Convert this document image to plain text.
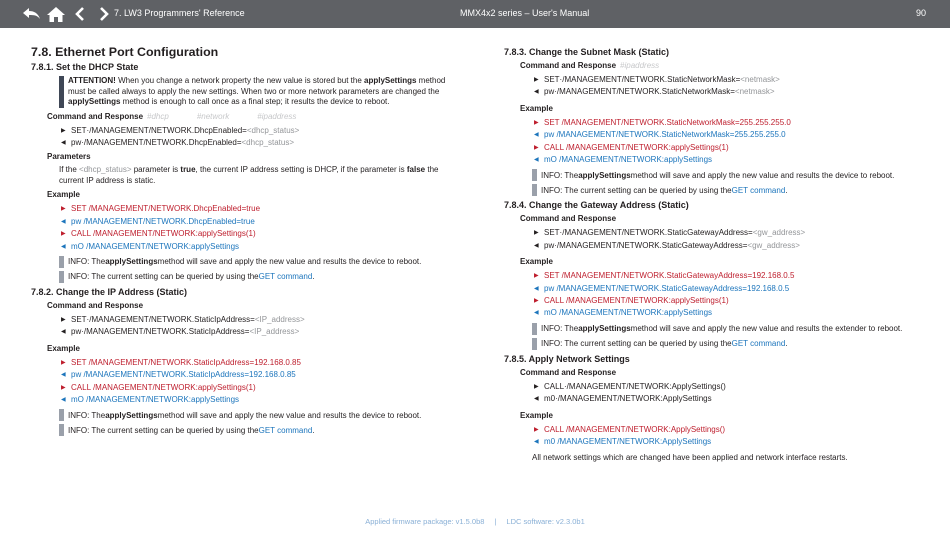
7. LW3 Programmers' Reference	MMX4x2 series – User's Manual	90
7.8. Ethernet Port Configuration
7.8.1. Set the DHCP State
ATTENTION! When you change a network property the new value is stored but the applySettings method must be called always to apply the new settings. When two or more network parameters are changed the applySettings method is enough to call once as a final step; it results the device to reboot.
Command and Response #dhcp	#network	#ipaddress
▶ SET·/MANAGEMENT/NETWORK.DhcpEnabled= <dhcp_status>
◀ pw·/MANAGEMENT/NETWORK.DhcpEnabled= <dhcp_status>
Parameters
If the <dhcp_status> parameter is true, the current IP address setting is DHCP, if the parameter is false the current IP address is static.
Example
▶ SET /MANAGEMENT/NETWORK.DhcpEnabled=true
◀ pw /MANAGEMENT/NETWORK.DhcpEnabled=true
▶ CALL /MANAGEMENT/NETWORK:applySettings(1)
◀ mO /MANAGEMENT/NETWORK:applySettings
INFO: The applySettings method will save and apply the new value and results the device to reboot.
INFO: The current setting can be queried by using the GET command .
7.8.2. Change the IP Address (Static)
Command and Response
▶ SET·/MANAGEMENT/NETWORK.StaticIpAddress= <IP_address>
◀ pw·/MANAGEMENT/NETWORK.StaticIpAddress= <IP_address>
Example
▶ SET /MANAGEMENT/NETWORK.StaticIpAddress=192.168.0.85
◀ pw /MANAGEMENT/NETWORK.StaticIpAddress=192.168.0.85
▶ CALL /MANAGEMENT/NETWORK:applySettings(1)
◀ mO /MANAGEMENT/NETWORK:applySettings
INFO: The applySettings method will save and apply the new value and results the device to reboot.
INFO: The current setting can be queried by using the GET command .
7.8.3. Change the Subnet Mask (Static)
Command and Response #ipaddress
▶ SET·/MANAGEMENT/NETWORK.StaticNetworkMask= <netmask>
◀ pw·/MANAGEMENT/NETWORK.StaticNetworkMask= <netmask>
Example
▶ SET /MANAGEMENT/NETWORK.StaticNetworkMask=255.255.255.0
◀ pw /MANAGEMENT/NETWORK.StaticNetworkMask=255.255.255.0
▶ CALL /MANAGEMENT/NETWORK:applySettings(1)
◀ mO /MANAGEMENT/NETWORK:applySettings
INFO: The applySettings method will save and apply the new value and results the device to reboot.
INFO: The current setting can be queried by using the GET command .
7.8.4. Change the Gateway Address (Static)
Command and Response
▶ SET·/MANAGEMENT/NETWORK.StaticGatewayAddress= <gw_address>
◀ pw·/MANAGEMENT/NETWORK.StaticGatewayAddress= <gw_address>
Example
▶ SET /MANAGEMENT/NETWORK.StaticGatewayAddress=192.168.0.5
◀ pw /MANAGEMENT/NETWORK.StaticGatewayAddress=192.168.0.5
▶ CALL /MANAGEMENT/NETWORK:applySettings(1)
◀ mO /MANAGEMENT/NETWORK:applySettings
INFO: The applySettings method will save and apply the new value and results the extender to reboot.
INFO: The current setting can be queried by using the GET command .
7.8.5. Apply Network Settings
Command and Response
▶ CALL·/MANAGEMENT/NETWORK:ApplySettings()
◀ m0·/MANAGEMENT/NETWORK:ApplySettings
Example
▶ CALL /MANAGEMENT/NETWORK:ApplySettings()
◀ m0 /MANAGEMENT/NETWORK:ApplySettings
All network settings which are changed have been applied and network interface restarts.
Applied firmware package: v1.5.0b8 | LDC software: v2.3.0b1
